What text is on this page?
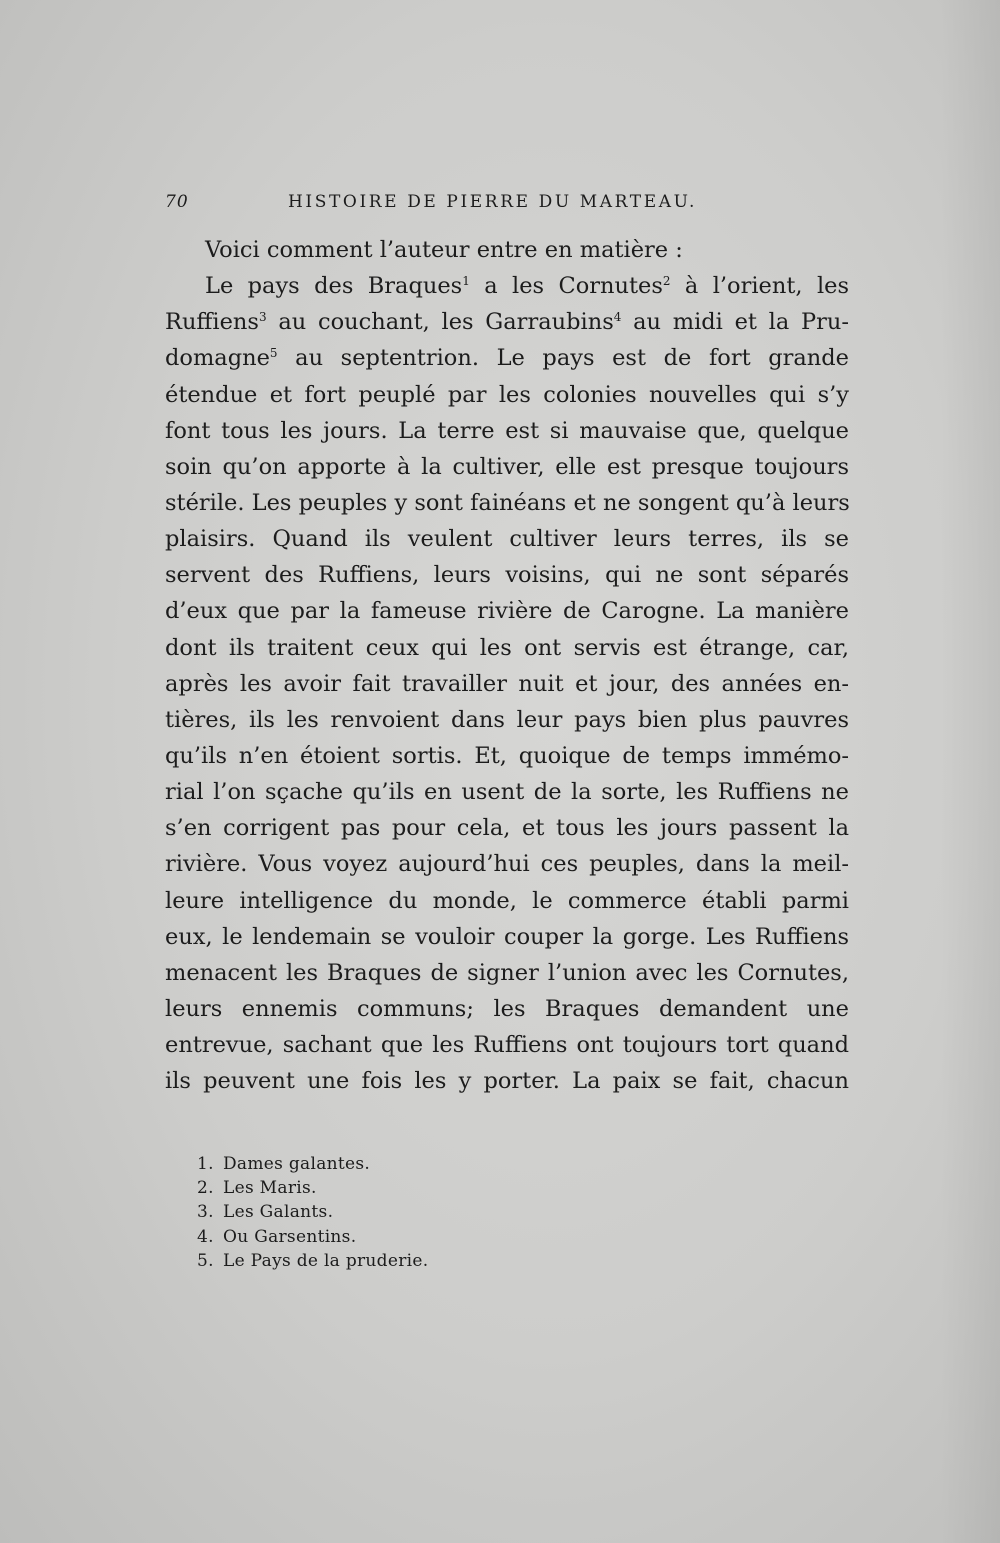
70	HISTOIRE DE PIERRE DU MARTEAU.
Voici comment l’auteur entre en matière :
Le pays des Braques$^1$ a les Cornutes$^2$ à l’orient, les
Ruffiens$^3$ au couchant, les Garraubins$^4$ au midi et la Pru-
domagne$^5$ au septentrion. Le pays est de fort grande
étendue et fort peuplé par les colonies nouvelles qui s’y
font tous les jours. La terre est si mauvaise que, quelque
soin qu’on apporte à la cultiver, elle est presque toujours
stérile. Les peuples y sont fainéans et ne songent qu’à leurs
plaisirs. Quand ils veulent cultiver leurs terres, ils se
servent des Ruffiens, leurs voisins, qui ne sont séparés
d’eux que par la fameuse rivière de Carogne. La manière
dont ils traitent ceux qui les ont servis est étrange, car,
après les avoir fait travailler nuit et jour, des années en-
tières, ils les renvoient dans leur pays bien plus pauvres
qu’ils n’en étoient sortis. Et, quoique de temps immémo-
rial l’on sçache qu’ils en usent de la sorte, les Ruffiens ne
s’en corrigent pas pour cela, et tous les jours passent la
rivière. Vous voyez aujourd’hui ces peuples, dans la meil-
leure intelligence du monde, le commerce établi parmi
eux, le lendemain se vouloir couper la gorge. Les Ruffiens
menacent les Braques de signer l’union avec les Cornutes,
leurs ennemis communs; les Braques demandent une
entrevue, sachant que les Ruffiens ont toujours tort quand
ils peuvent une fois les y porter. La paix se fait, chacun
1. Dames galantes.
2. Les Maris.
3. Les Galants.
4. Ou Garsentins.
5. Le Pays de la pruderie.
